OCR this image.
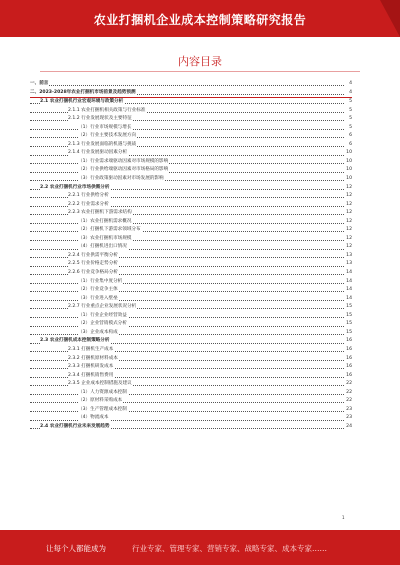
农业打捆机企业成本控制策略研究报告
内容目录
一、前言	4
二、2023-2028年农业打捆机市场前景及趋势预测	4
2.1 农业打捆机行业宏观环境与政策分析	5
2.1.1 农业打捆机相关政策与行业标准	5
2.1.2 行业发展现状及主要特征	5
（1）行业市场规模与增长	5
（2）行业主要技术发展方向	6
2.1.3 行业发展面临的机遇与挑战	6
2.1.4 行业发展驱动因素分析	10
（1）行业需求端驱动因素对市场规模的影响	10
（2）行业供给端驱动因素对市场格局的影响	10
（3）行业政策驱动因素对市场发展的影响	10
2.2 农业打捆机行业市场供需分析	12
2.2.1 行业供给分析	12
2.2.2 行业需求分析	12
2.2.3 农业打捆机下游需求结构	12
（1）农业打捆机需求概况	12
（2）打捆机下游需求领域分布	12
（3）农业打捆机市场规模	12
（4）打捆机进出口情况	12
2.2.4 行业供需平衡分析	13
2.2.5 行业价格走势分析	13
2.2.6 行业竞争格局分析	14
（1）行业集中度分析	14
（2）行业竞争主体	14
（3）行业进入壁垒	14
2.2.7 行业重点企业发展状况分析	15
（1）行业企业经营效益	15
（2）企业营销模式分析	15
（3）企业成本构成	15
2.3 农业打捆机成本控制策略分析	16
2.3.1 打捆机生产成本	16
2.3.2 打捆机原材料成本	16
2.3.3 打捆机研发成本	16
2.3.4 打捆机销售费用	16
2.3.5 企业成本控制措施及建议	22
（1）人力资源成本控制	22
（2）原材料采购成本	22
（3）生产管理成本控制	23
（4）物流成本	23
2.4 农业打捆机行业未来发展趋势	24
1
让每个人都能成为	行业专家、管理专家、营销专家、战略专家、成本专家……
